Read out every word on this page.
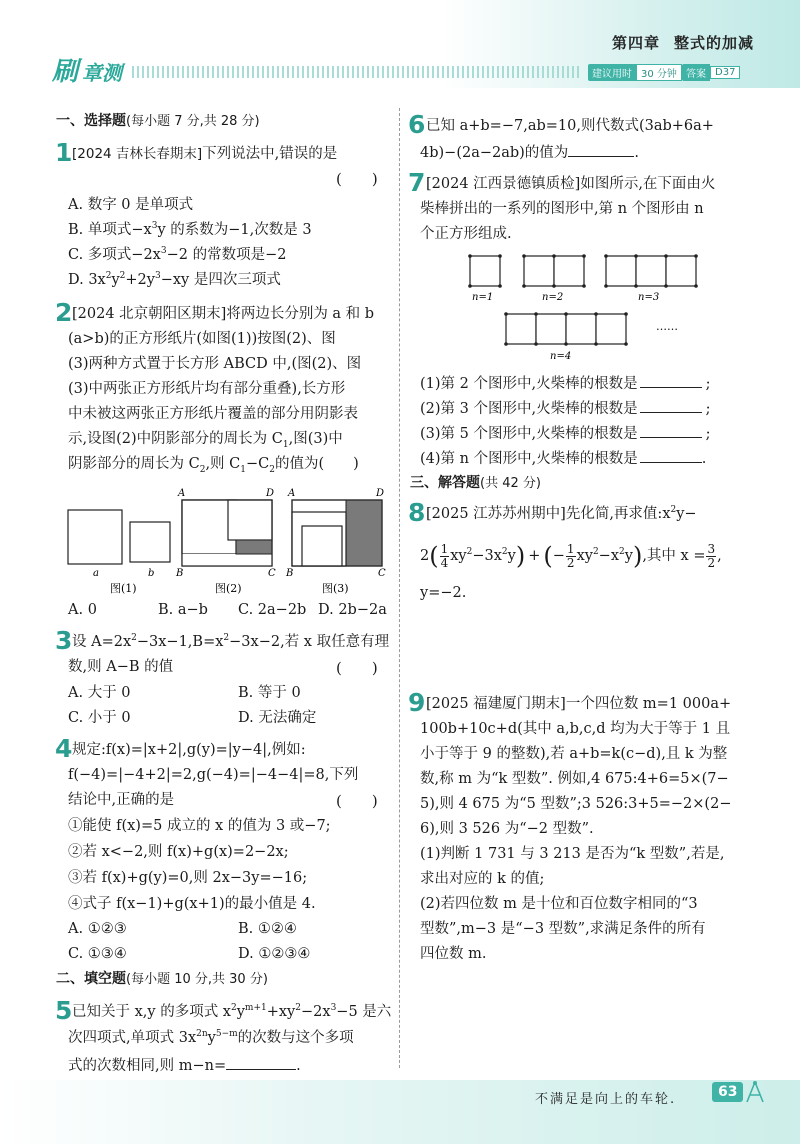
第四章 整式的加减
刷 章测	建议用时 30 分钟 答案 D37
一、选择题(每小题 7 分,共 28 分)
1 [2024 吉林长春期末]下列说法中,错误的是
(　　)
A. 数字 0 是单项式
B. 单项式$-x^3y$ 的系数为−1,次数是 3
C. 多项式$-2x^3-2$ 的常数项是−2
D. $3x^2y^2+2y^3-xy$ 是四次三项式
2 [2024 北京朝阳区期末]将两边长分别为 a 和 b
(a>b)的正方形纸片(如图(1))按图(2)、图
(3)两种方式置于长方形 ABCD 中,(图(2)、图
(3)中两张正方形纸片均有部分重叠),长方形
中未被这两张正方形纸片覆盖的部分用阴影表
示,设图(2)中阴影部分的周长为 $C_1$,图(3)中
阴影部分的周长为 $C_2$,则 $C_1-C_2$的值为(　　)
a	b
图(1)
A	D
B	C
图(2)
A	D
B	C
图(3)
A. 0	B. a−b C. 2a−2b D. 2b−2a
3 设 $A=2x^2-3x-1,B=x^2-3x-2$,若 x 取任意有理
数,则 A−B 的值	(　　)
A. 大于 0	B. 等于 0
C. 小于 0	D. 无法确定
4 规定:f(x)=|x+2|,g(y)=|y−4|,例如:
f(−4)=|−4+2|=2,g(−4)=|−4−4|=8,下列
结论中,正确的是	(　　)
①能使 f(x)=5 成立的 x 的值为 3 或−7;
②若 x<−2,则 f(x)+g(x)=2−2x;
③若 f(x)+g(y)=0,则 2x−3y=−16;
④式子 f(x−1)+g(x+1)的最小值是 4.
A. ①②③	B. ①②④
C. ①③④	D. ①②③④
二、填空题(每小题 10 分,共 30 分)
5 已知关于 x,y 的多项式 $x^2y^{m+1}+xy^2-2x^3-5$ 是六
次四项式,单项式 $3x^{2n}y^{5-m}$的次数与这个多项
式的次数相同,则 m−n=	.
6 已知 a+b=−7,ab=10,则代数式(3ab+6a+
4b)−(2a−2ab)的值为	.
7 [2024 江西景德镇质检]如图所示,在下面由火
柴棒拼出的一系列的图形中,第 n 个图形由 n
个正方形组成.
n=1	n=2	n=3
n=4
……
(1)第 2 个图形中,火柴棒的根数是	;
(2)第 3 个图形中,火柴棒的根数是	;
(3)第 5 个图形中,火柴棒的根数是	;
(4)第 n 个图形中,火柴棒的根数是	.
三、解答题(共 42 分)
8 [2025 江苏苏州期中]先化简,再求值$:x^2y-$
$2( \frac{1}{4} xy^2-3x^2y)$ + (− $\frac{1}{2} xy^2-x^2y$),其中 $x = \frac{3}{2}$ ,
y=−2.
9 [2025 福建厦门期末]一个四位数 m=1 000a+
100b+10c+d(其中 a,b,c,d 均为大于等于 1 且
小于等于 9 的整数),若 a+b=k(c−d),且 k 为整
数,称 m 为“k 型数”. 例如,4 675:4+6=5×(7−
5),则 4 675 为“5 型数”;3 526:3+5=−2×(2−
6),则 3 526 为“−2 型数”.
(1)判断 1 731 与 3 213 是否为“k 型数”,若是,
求出对应的 k 的值;
(2)若四位数 m 是十位和百位数字相同的“3
型数”,m−3 是“−3 型数”,求满足条件的所有
四位数 m.
不满足是向上的车轮.	63
